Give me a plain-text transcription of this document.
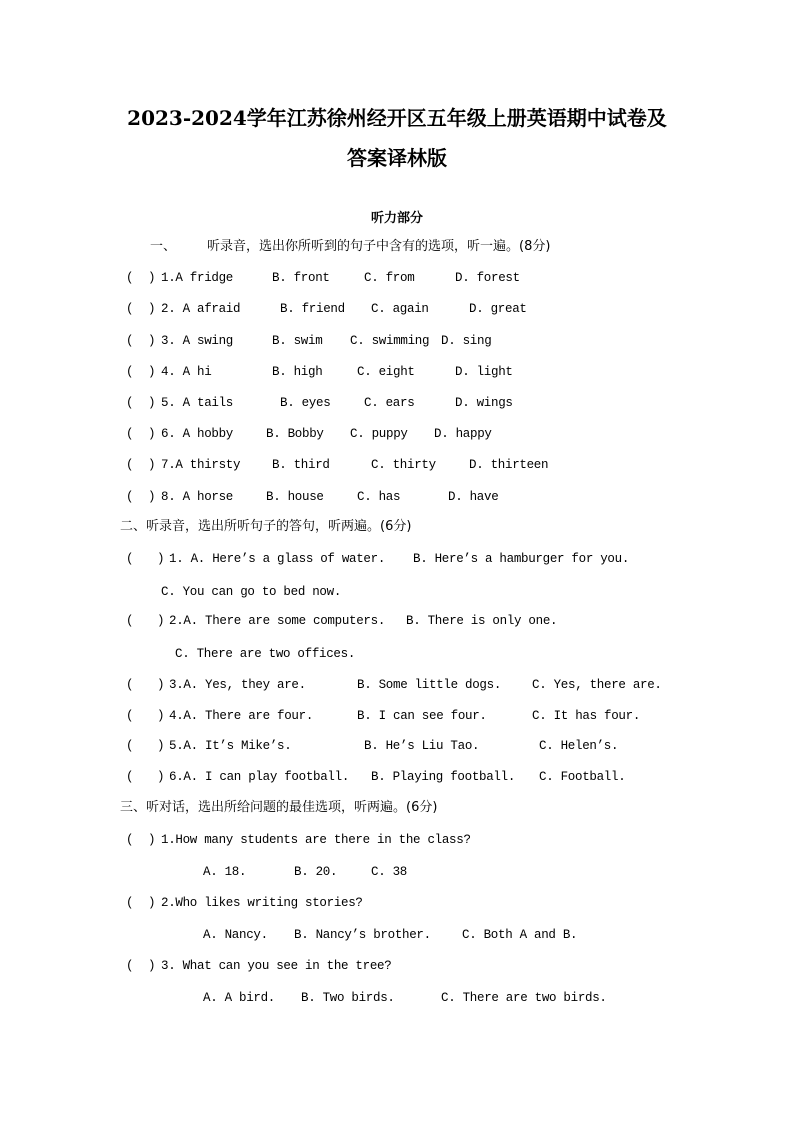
2023-2024学年江苏徐州经开区五年级上册英语期中试卷及
答案译林版
听力部分
一、 听录音，选出你所听到的句子中含有的选项，听一遍。(8分)
二、听录音，选出所听句子的答句，听两遍。(6分)
三、听对话，选出所给问题的最佳选项，听两遍。(6分)
( ) 1.A fridge	B. front	C. from	D. forest
( ) 2. A afraid	B. friend C. again	D. great
( ) 3. A swing	B. swim C. swimming D. sing
( ) 4. A hi	B. high	C. eight	D. light
( ) 5. A tails	B. eyes	C. ears	D. wings
( ) 6. A hobby	B. Bobby C. puppy D. happy
( ) 7.A thirsty	B. third	C. thirty	D. thirteen
( ) 8. A horse	B. house	C. has	D. have
( ) 1. A. Here’s a glass of water. B. Here’s a hamburger for you.
C. You can go to bed now.
( ) 2.A. There are some computers. B. There is only one.
C. There are two offices.
( ) 3.A. Yes, they are.	B. Some little dogs. C. Yes, there are.
( ) 4.A. There are four.	B. I can see four.	C. It has four.
( ) 5.A. It’s Mike’s.	B. He’s Liu Tao.	C. Helen’s.
( ) 6.A. I can play football. B. Playing football. C. Football.
( ) 1.How many students are there in the class?
A. 18.	B. 20.	C. 38
( ) 2.Who likes writing stories?
A. Nancy. B. Nancy’s brother. C. Both A and B.
( ) 3. What can you see in the tree?
A. A bird. B. Two birds.	C. There are two birds.
